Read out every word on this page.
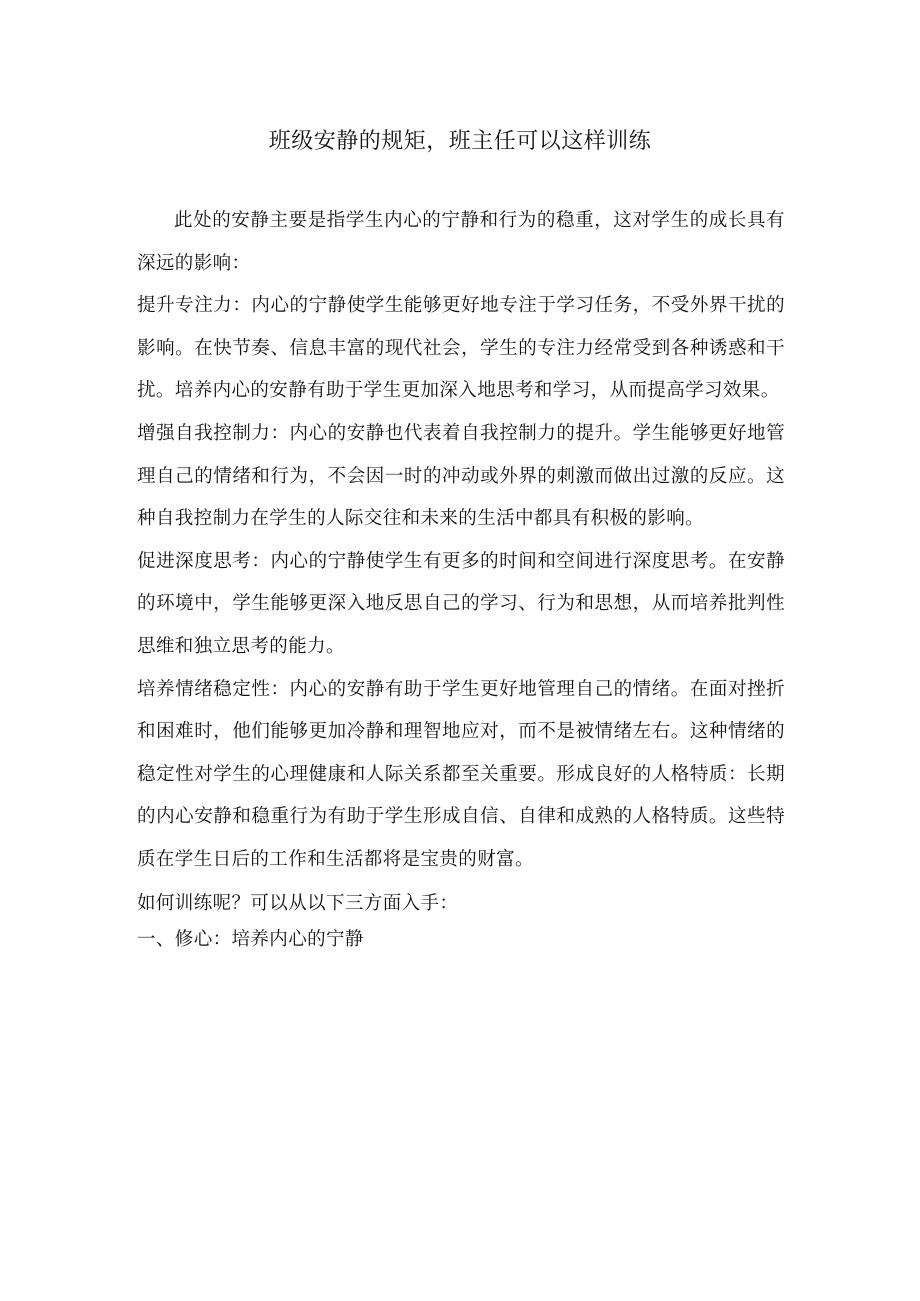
班级安静的规矩，班主任可以这样训练

此处的安静主要是指学生内心的宁静和行为的稳重，这对学生的成长具有深远的影响：

提升专注力：内心的宁静使学生能够更好地专注于学习任务，不受外界干扰的影响。在快节奏、信息丰富的现代社会，学生的专注力经常受到各种诱惑和干扰。培养内心的安静有助于学生更加深入地思考和学习，从而提高学习效果。

增强自我控制力：内心的安静也代表着自我控制力的提升。学生能够更好地管理自己的情绪和行为，不会因一时的冲动或外界的刺激而做出过激的反应。这种自我控制力在学生的人际交往和未来的生活中都具有积极的影响。

促进深度思考：内心的宁静使学生有更多的时间和空间进行深度思考。在安静的环境中，学生能够更深入地反思自己的学习、行为和思想，从而培养批判性思维和独立思考的能力。

培养情绪稳定性：内心的安静有助于学生更好地管理自己的情绪。在面对挫折和困难时，他们能够更加冷静和理智地应对，而不是被情绪左右。这种情绪的稳定性对学生的心理健康和人际关系都至关重要。形成良好的人格特质：长期的内心安静和稳重行为有助于学生形成自信、自律和成熟的人格特质。这些特质在学生日后的工作和生活都将是宝贵的财富。

如何训练呢？可以从以下三方面入手：

一、修心：培养内心的宁静
